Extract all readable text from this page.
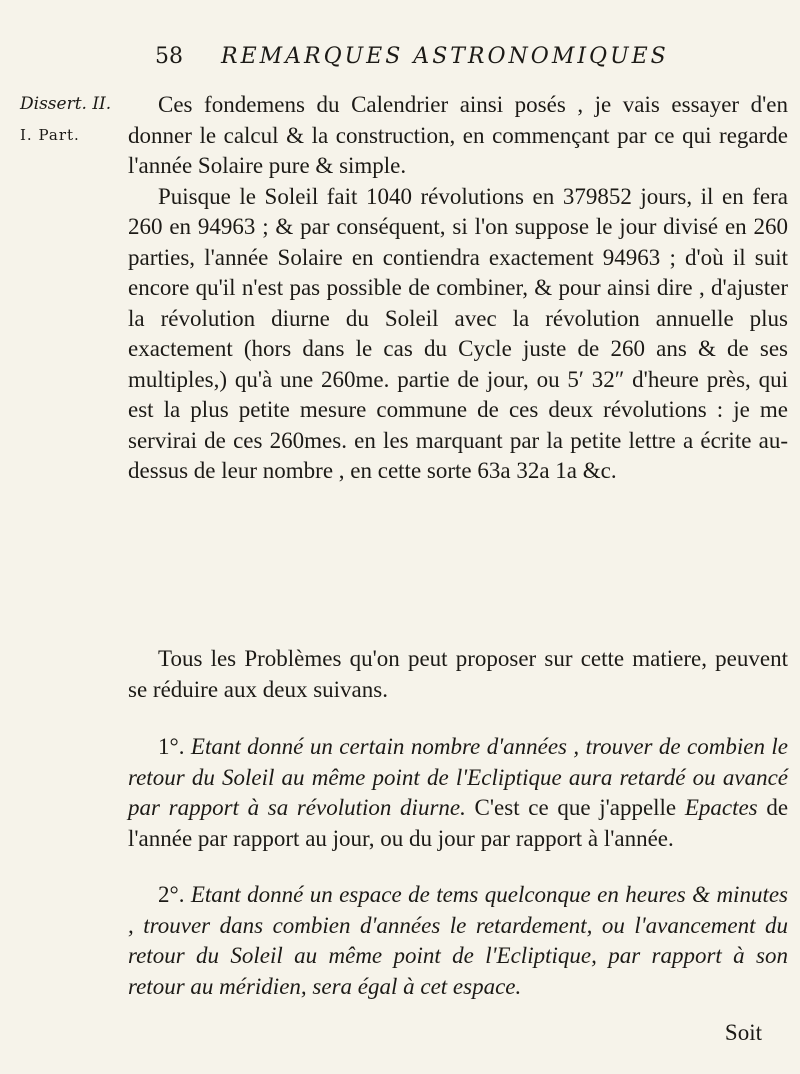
58 REMARQUES ASTRONOMIQUES
Dissert. II.
I. Part.

Ces fondemens du Calendrier ainsi posés , je vais essayer d'en donner le calcul & la construction, en commençant par ce qui regarde l'année Solaire pure & simple.

Puisque le Soleil fait 1040 révolutions en 379852 jours, il en fera 260 en 94963 ; & par conséquent, si l'on suppose le jour divisé en 260 parties, l'année Solaire en contiendra exactement 94963 ; d'où il suit encore qu'il n'est pas possible de combiner, & pour ainsi dire , d'ajuster la révolution diurne du Soleil avec la révolution annuelle plus exactement (hors dans le cas du Cycle juste de 260 ans & de ses multiples,) qu'à une 260me. partie de jour, ou 5′ 32″ d'heure près, qui est la plus petite mesure commune de ces deux révolutions : je me servirai de ces 260mes. en les marquant par la petite lettre a écrite au-dessus de leur nombre , en cette sorte 63a 32a 1a &c.

Tous les Problèmes qu'on peut proposer sur cette matiere, peuvent se réduire aux deux suivans.

1°. Etant donné un certain nombre d'années , trouver de combien le retour du Soleil au même point de l'Ecliptique aura retardé ou avancé par rapport à sa révolution diurne. C'est ce que j'appelle Epactes de l'année par rapport au jour, ou du jour par rapport à l'année.

2°. Etant donné un espace de tems quelconque en heures & minutes , trouver dans combien d'années le retardement, ou l'avancement du retour du Soleil au même point de l'Ecliptique, par rapport à son retour au méridien, sera égal à cet espace.

Soit
